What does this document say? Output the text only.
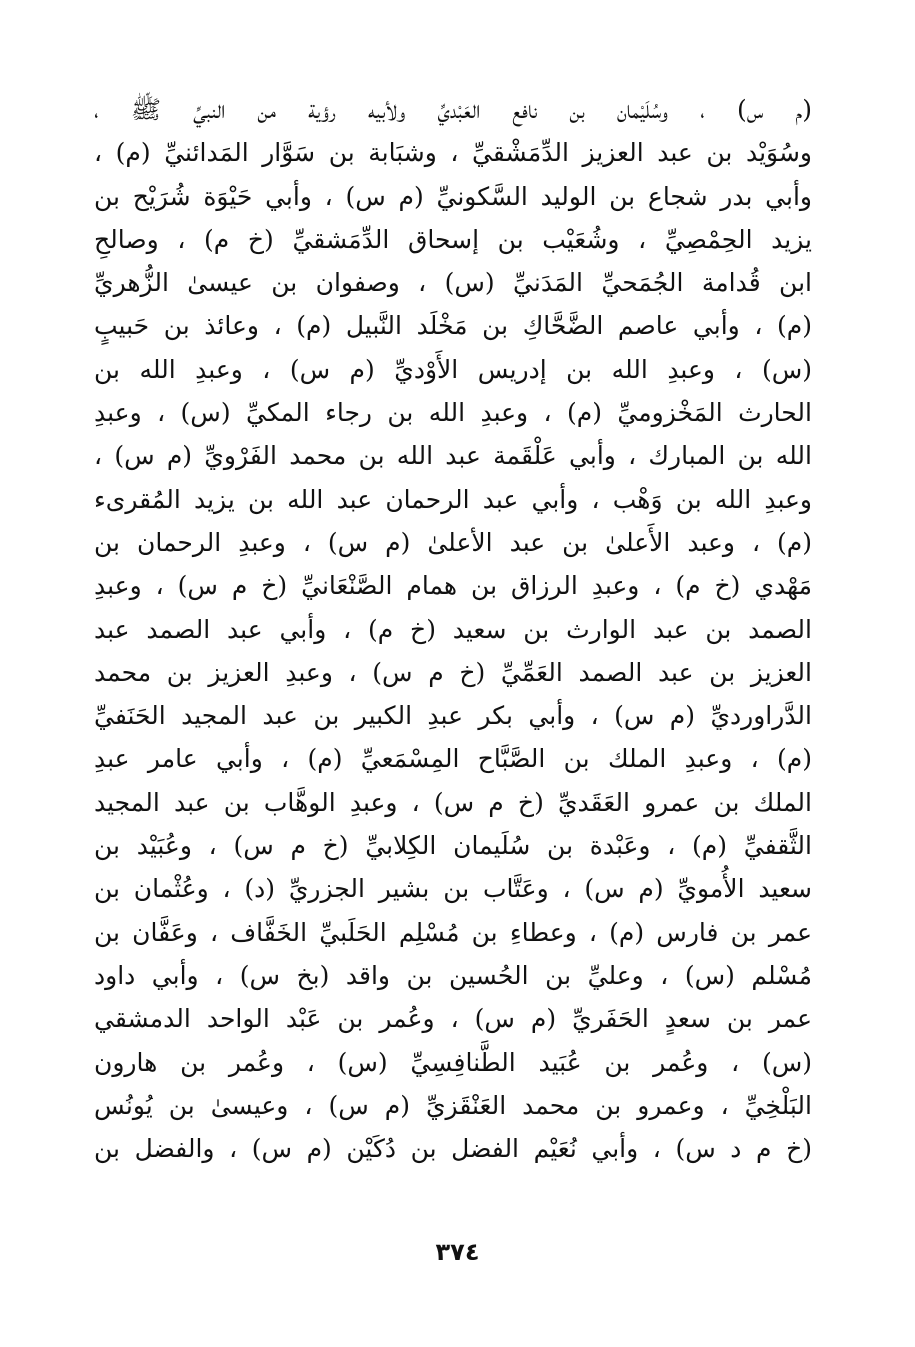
(م س) ، وسُلَيْمان بن نافع العَبْديِّ ولأبيه رؤية من النبيِّ ﷺ ،
وسُوَيْد بن عبد العزيز الدِّمَشْقيِّ ، وشبَابة بن سَوَّار المَدائنيِّ (م) ،
وأبي بدر شجاع بن الوليد السَّكونيِّ (م س) ، وأبي حَيْوَة شُرَيْح بن
يزيد الحِمْصِيِّ ، وشُعَيْب بن إسحاق الدِّمَشقيِّ (خ م) ، وصالحِ
ابن قُدامة الجُمَحيِّ المَدَنيِّ (س) ، وصفوان بن عيسىٰ الزُّهريِّ
(م) ، وأبي عاصم الضَّحَّاكِ بن مَخْلَد النَّبيل (م) ، وعائذ بن حَبيبٍ
(س) ، وعبدِ الله بن إدريس الأَوْديِّ (م س) ، وعبدِ الله بن
الحارث المَخْزوميِّ (م) ، وعبدِ الله بن رجاء المكيِّ (س) ، وعبدِ
الله بن المبارك ، وأبي عَلْقَمة عبد الله بن محمد الفَرْويِّ (م س) ،
وعبدِ الله بن وَهْب ، وأبي عبد الرحمان عبد الله بن يزيد المُقرىء
(م) ، وعبد الأَعلىٰ بن عبد الأعلىٰ (م س) ، وعبدِ الرحمان بن
مَهْدي (خ م) ، وعبدِ الرزاق بن همام الصَّنْعَانيِّ (خ م س) ، وعبدِ
الصمد بن عبد الوارث بن سعيد (خ م) ، وأبي عبد الصمد عبد
العزيز بن عبد الصمد العَمِّيِّ (خ م س) ، وعبدِ العزيز بن محمد
الدَّراورديِّ (م س) ، وأبي بكر عبدِ الكبير بن عبد المجيد الحَنَفيِّ
(م) ، وعبدِ الملك بن الصَّبَّاح المِسْمَعيِّ (م) ، وأبي عامر عبدِ
الملك بن عمرو العَقَديِّ (خ م س) ، وعبدِ الوهَّاب بن عبد المجيد
الثَّقفيِّ (م) ، وعَبْدة بن سُلَيمان الكِلابيِّ (خ م س) ، وعُبَيْد بن
سعيد الأُمويِّ (م س) ، وعَتَّاب بن بشير الجزريِّ (د) ، وعُثْمان بن
عمر بن فارس (م) ، وعطاءِ بن مُسْلِم الحَلَبيِّ الخَفَّاف ، وعَفَّان بن
مُسْلم (س) ، وعليِّ بن الحُسين بن واقد (بخ س) ، وأبي داود
عمر بن سعدٍ الحَفَريِّ (م س) ، وعُمر بن عَبْد الواحد الدمشقي
(س) ، وعُمر بن عُبَيد الطَّنافِسِيِّ (س) ، وعُمر بن هارون
البَلْخِيِّ ، وعمرو بن محمد العَنْقَزيِّ (م س) ، وعيسىٰ بن يُونُس
(خ م د س) ، وأبي نُعَيْم الفضل بن دُكَيْن (م س) ، والفضل بن
٣٧٤
